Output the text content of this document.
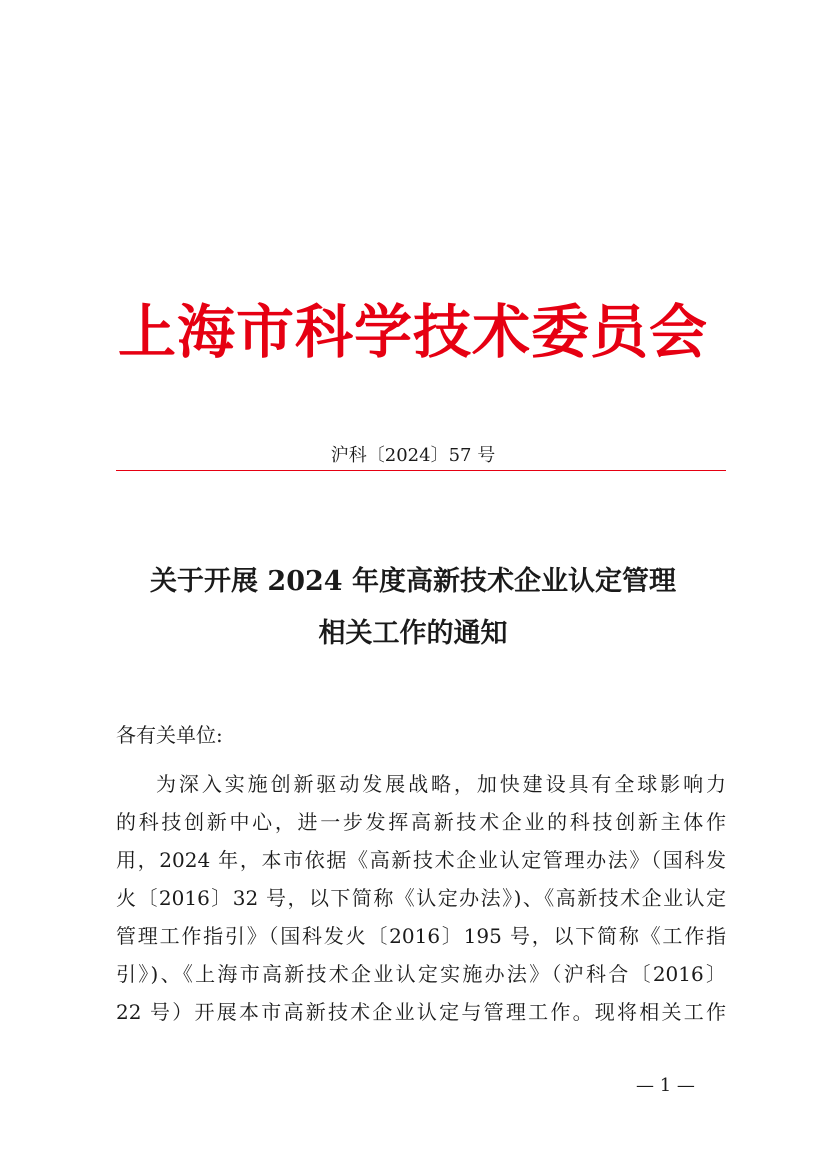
上海市科学技术委员会
沪科〔2024〕57 号
关于开展 2024 年度高新技术企业认定管理
相关工作的通知
各有关单位:
为深入实施创新驱动发展战略，加快建设具有全球影响力
的科技创新中心，进一步发挥高新技术企业的科技创新主体作
用，2024 年，本市依据《高新技术企业认定管理办法》（国科发
火〔2016〕32 号，以下简称《认定办法》)、《高新技术企业认定
管理工作指引》（国科发火〔2016〕195 号，以下简称《工作指
引》)、《上海市高新技术企业认定实施办法》（沪科合〔2016〕
22 号）开展本市高新技术企业认定与管理工作。现将相关工作
— 1 —
